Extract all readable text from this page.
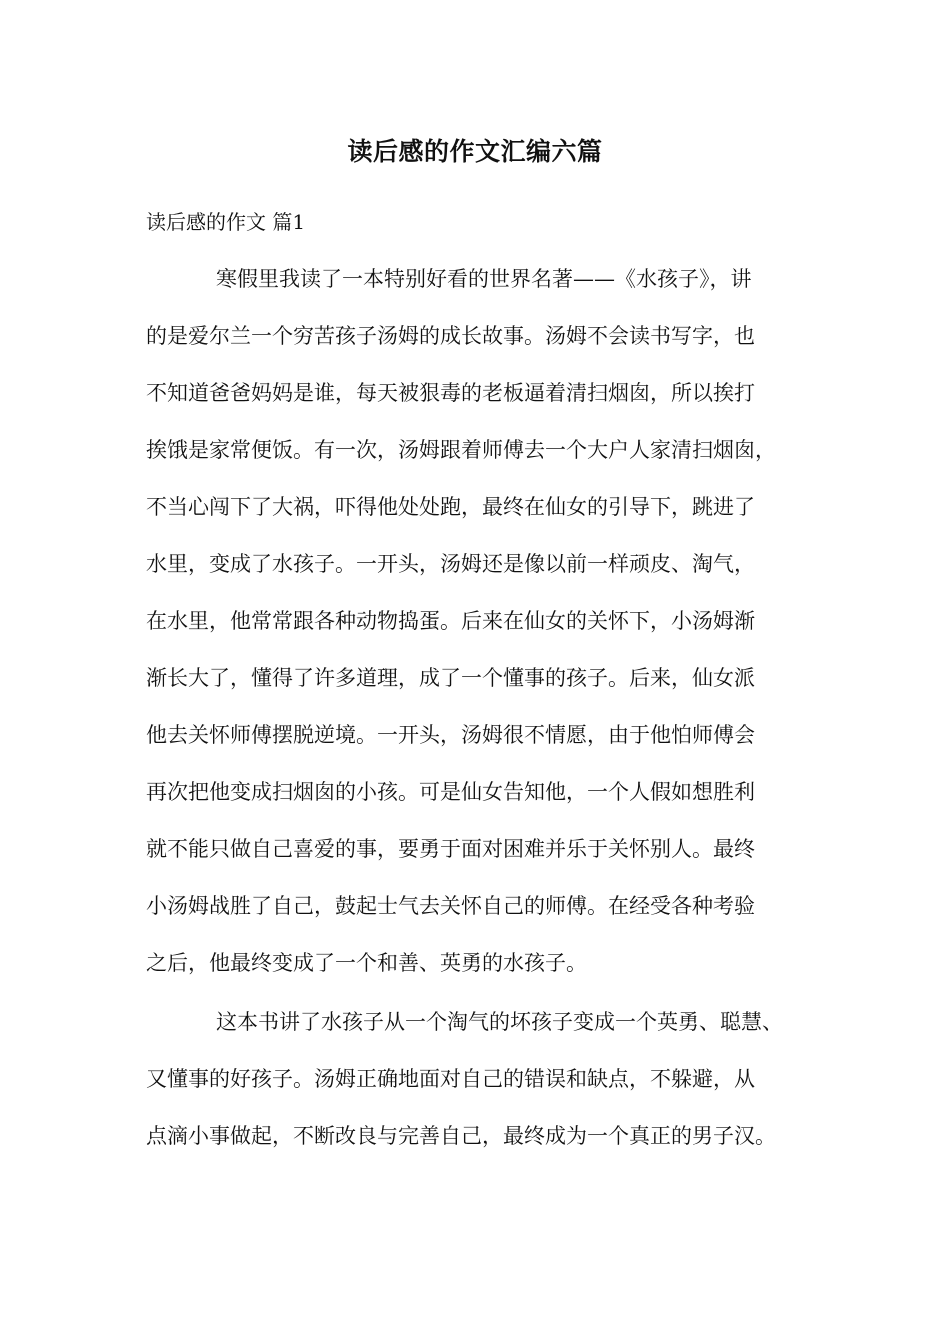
读后感的作文汇编六篇
读后感的作文 篇1
寒假里我读了一本特别好看的世界名著——《水孩子》，讲
的是爱尔兰一个穷苦孩子汤姆的成长故事。汤姆不会读书写字，也
不知道爸爸妈妈是谁，每天被狠毒的老板逼着清扫烟囱，所以挨打
挨饿是家常便饭。有一次，汤姆跟着师傅去一个大户人家清扫烟囱，
不当心闯下了大祸，吓得他处处跑，最终在仙女的引导下，跳进了
水里，变成了水孩子。一开头，汤姆还是像以前一样顽皮、淘气，
在水里，他常常跟各种动物捣蛋。后来在仙女的关怀下，小汤姆渐
渐长大了，懂得了许多道理，成了一个懂事的孩子。后来，仙女派
他去关怀师傅摆脱逆境。一开头，汤姆很不情愿，由于他怕师傅会
再次把他变成扫烟囱的小孩。可是仙女告知他，一个人假如想胜利
就不能只做自己喜爱的事，要勇于面对困难并乐于关怀别人。最终
小汤姆战胜了自己，鼓起士气去关怀自己的师傅。在经受各种考验
之后，他最终变成了一个和善、英勇的水孩子。
这本书讲了水孩子从一个淘气的坏孩子变成一个英勇、聪慧、
又懂事的好孩子。汤姆正确地面对自己的错误和缺点，不躲避，从
点滴小事做起，不断改良与完善自己，最终成为一个真正的男子汉。
